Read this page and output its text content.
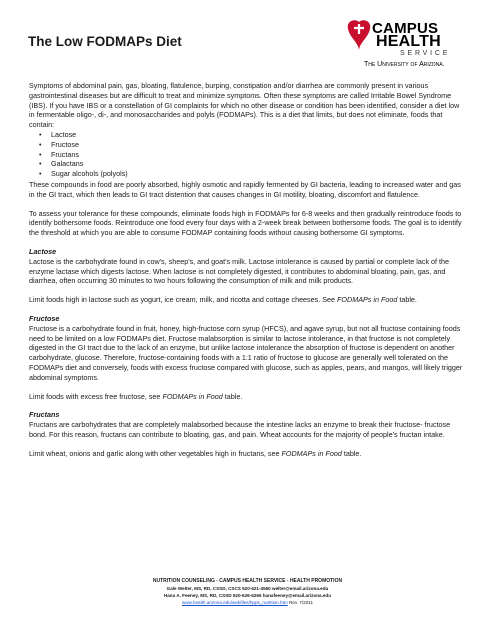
The Low FODMAPs Diet
CAMPUS
HEALTH
SERVICE
The University of Arizona.

Symptoms of abdominal pain, gas, bloating, flatulence, burping, constipation and/or diarrhea are commonly present in various gastrointestinal diseases but are difficult to treat and minimize symptoms. Often these symptoms are called Irritable Bowel Syndrome (IBS). If you have IBS or a constellation of GI complaints for which no other disease or condition has been identified, consider a diet low in fermentable oligo-, di-, and monosaccharides and polyls (FODMAPs). This is a diet that limits, but does not eliminate, foods that contain:

• Lactose
• Fructose
• Fructans
• Galactans
• Sugar alcohols (polyols)

These compounds in food are poorly absorbed, highly osmotic and rapidly fermented by GI bacteria, leading to increased water and gas in the GI tract, which then leads to GI tract distention that causes changes in GI motility, bloating, discomfort and flatulence.

To assess your tolerance for these compounds, eliminate foods high in FODMAPs for 6-8 weeks and then gradually reintroduce foods to identify bothersome foods. Reintroduce one food every four days with a 2-week break between bothersome foods. The goal is to identify the threshold at which you are able to consume FODMAP containing foods without causing bothersome GI symptoms.

Lactose

Lactose is the carbohydrate found in cow's, sheep's, and goat's milk. Lactose intolerance is caused by partial or complete lack of the enzyme lactase which digests lactose. When lactose is not completely digested, it contributes to abdominal bloating, pain, gas, and diarrhea, often occurring 30 minutes to two hours following the consumption of milk and milk products.

Limit foods high in lactose such as yogurt, ice cream, milk, and ricotta and cottage cheeses. See FODMAPs in Food table.

Fructose

Fructose is a carbohydrate found in fruit, honey, high-fructose corn syrup (HFCS), and agave syrup, but not all fructose containing foods need to be limited on a low FODMAPs diet. Fructose malabsorption is similar to lactose intolerance, in that fructose is not completely digested in the GI tract due to the lack of an enzyme, but unlike lactose intolerance the absorption of fructose is dependent on another carbohydrate, glucose. Therefore, fructose-containing foods with a 1:1 ratio of fructose to glucose are generally well tolerated on the FODMAPs diet and conversely, foods with excess fructose compared with glucose, such as apples, pears, and mangos, will likely trigger abdominal symptoms.

Limit foods with excess free fructose, see FODMAPs in Food table.

Fructans

Fructans are carbohydrates that are completely malabsorbed because the intestine lacks an enzyme to break their fructose- fructose bond. For this reason, fructans can contribute to bloating, gas, and pain. Wheat accounts for the majority of people's fructan intake.

Limit wheat, onions and garlic along with other vegetables high in fructans, see FODMAPs in Food table.

NUTRITION COUNSELING - CAMPUS HEALTH SERVICE - HEALTH PROMOTION
Gale Welter, MS, RD, CSSD, CSCS 520-621-4550 welter@email.arizona.edu
Hana A. Feeney, MS, RD, CSSD 520-626-6265 hanafeeney@email.arizona.edu
www.health.arizona.edu/webfiles/hpps_nutrition.htm Rev. 7/2011
